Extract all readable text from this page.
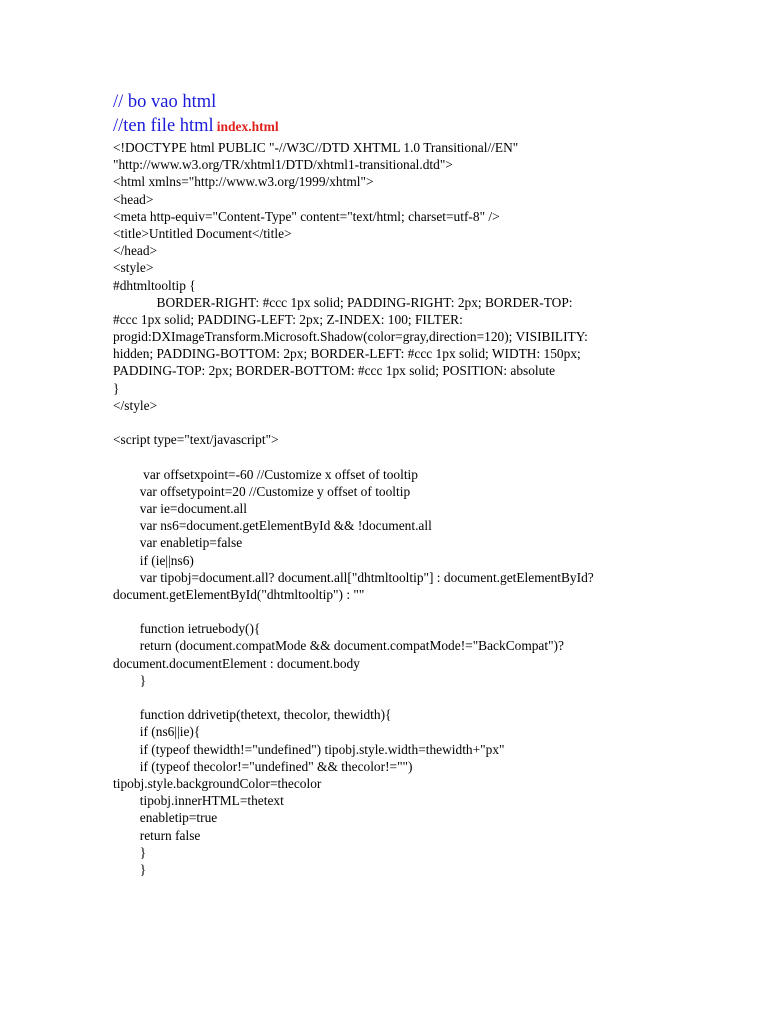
// bo vao html
//ten file html index.html
<!DOCTYPE html PUBLIC "-//W3C//DTD XHTML 1.0 Transitional//EN"
"http://www.w3.org/TR/xhtml1/DTD/xhtml1-transitional.dtd">
<html xmlns="http://www.w3.org/1999/xhtml">
<head>
<meta http-equiv="Content-Type" content="text/html; charset=utf-8" />
<title>Untitled Document</title>
</head>
<style>
#dhtmltooltip {
BORDER-RIGHT: #ccc 1px solid; PADDING-RIGHT: 2px; BORDER-TOP:
#ccc 1px solid; PADDING-LEFT: 2px; Z-INDEX: 100; FILTER:
progid:DXImageTransform.Microsoft.Shadow(color=gray,direction=120); VISIBILITY:
hidden; PADDING-BOTTOM: 2px; BORDER-LEFT: #ccc 1px solid; WIDTH: 150px;
PADDING-TOP: 2px; BORDER-BOTTOM: #ccc 1px solid; POSITION: absolute
}
</style>
<script type="text/javascript">
var offsetxpoint=-60 //Customize x offset of tooltip
var offsetypoint=20 //Customize y offset of tooltip
var ie=document.all
var ns6=document.getElementById && !document.all
var enabletip=false
if (ie||ns6)
var tipobj=document.all? document.all["dhtmltooltip"] : document.getElementById?
document.getElementById("dhtmltooltip") : ""
function ietruebody(){
return (document.compatMode && document.compatMode!="BackCompat")?
document.documentElement : document.body
}
function ddrivetip(thetext, thecolor, thewidth){
if (ns6||ie){
if (typeof thewidth!="undefined") tipobj.style.width=thewidth+"px"
if (typeof thecolor!="undefined" && thecolor!="")
tipobj.style.backgroundColor=thecolor
tipobj.innerHTML=thetext
enabletip=true
return false
}
}
